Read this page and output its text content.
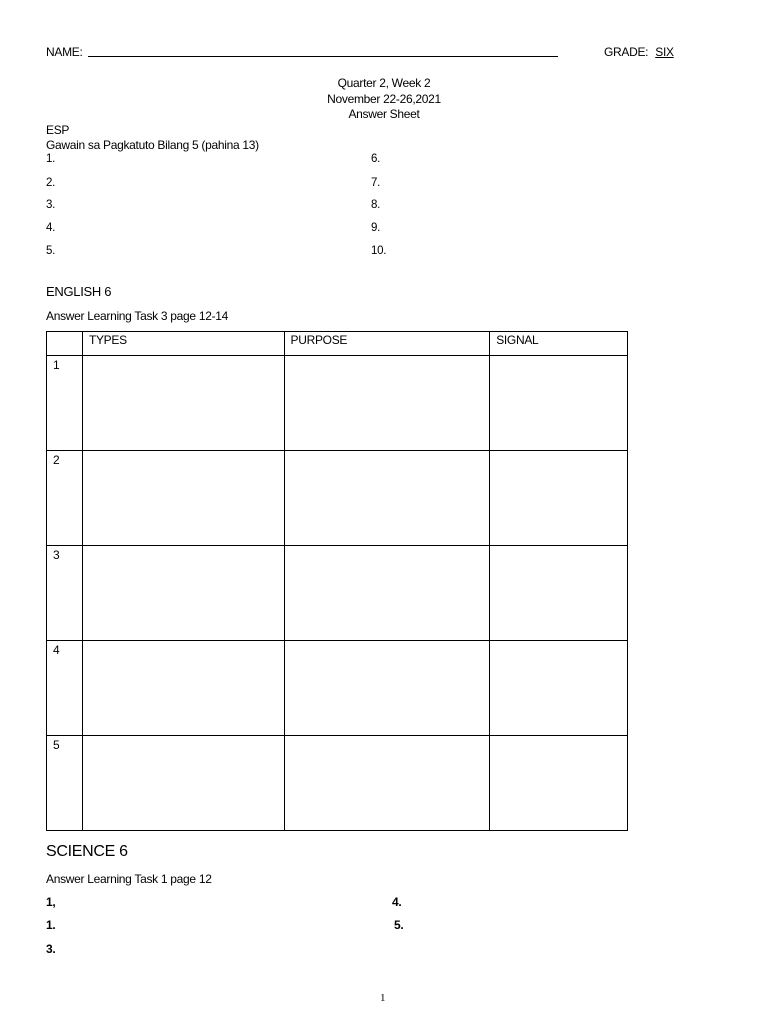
NAME:	GRADE: SIX
Quarter 2, Week 2
November 22-26,2021
Answer Sheet
ESP
Gawain sa Pagkatuto Bilang 5 (pahina 13)
1.
2.
3.
4.
5.
6.
7.
8.
9.
10.
ENGLISH 6
Answer Learning Task 3 page 12-14
	TYPES	PURPOSE	SIGNAL
1			
2			
3			
4			
5			
SCIENCE 6
Answer Learning Task 1 page 12
1,
1.
3.
4.
5.
1
